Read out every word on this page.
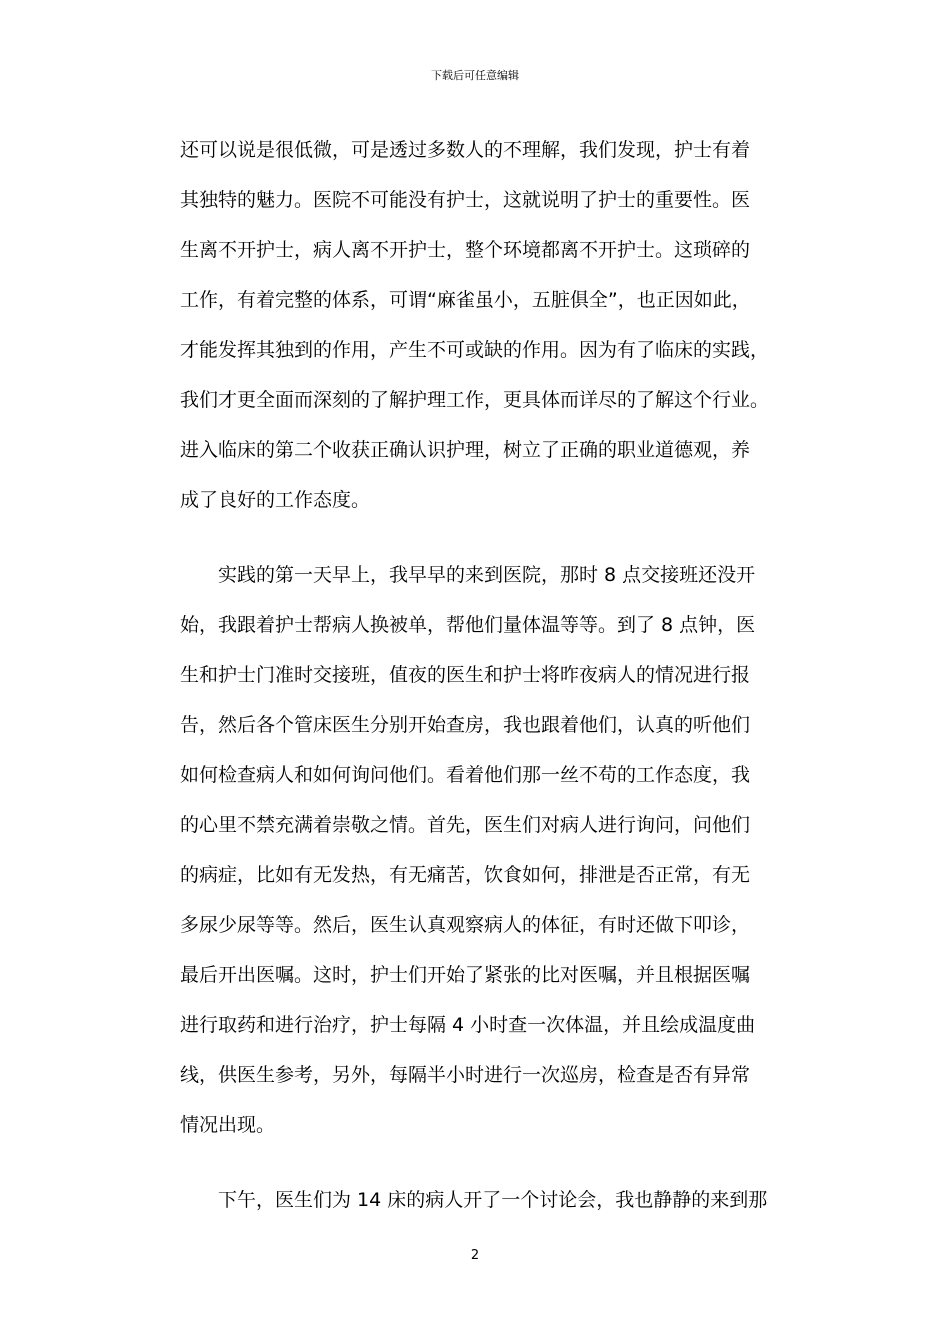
下载后可任意编辑
还可以说是很低微，可是透过多数人的不理解，我们发现，护士有着
其独特的魅力。医院不可能没有护士，这就说明了护士的重要性。医
生离不开护士，病人离不开护士，整个环境都离不开护士。这琐碎的
工作，有着完整的体系，可谓“麻雀虽小，五脏俱全”，也正因如此，
才能发挥其独到的作用，产生不可或缺的作用。因为有了临床的实践，
我们才更全面而深刻的了解护理工作，更具体而详尽的了解这个行业。
进入临床的第二个收获正确认识护理，树立了正确的职业道德观，养
成了良好的工作态度。
实践的第一天早上，我早早的来到医院，那时 8 点交接班还没开
始，我跟着护士帮病人换被单，帮他们量体温等等。到了 8 点钟，医
生和护士门准时交接班，值夜的医生和护士将昨夜病人的情况进行报
告，然后各个管床医生分别开始查房，我也跟着他们，认真的听他们
如何检查病人和如何询问他们。看着他们那一丝不苟的工作态度，我
的心里不禁充满着崇敬之情。首先，医生们对病人进行询问，问他们
的病症，比如有无发热，有无痛苦，饮食如何，排泄是否正常，有无
多尿少尿等等。然后，医生认真观察病人的体征，有时还做下叩诊，
最后开出医嘱。这时，护士们开始了紧张的比对医嘱，并且根据医嘱
进行取药和进行治疗，护士每隔 4 小时查一次体温，并且绘成温度曲
线，供医生参考，另外，每隔半小时进行一次巡房，检查是否有异常
情况出现。
下午，医生们为 14 床的病人开了一个讨论会，我也静静的来到那
2
